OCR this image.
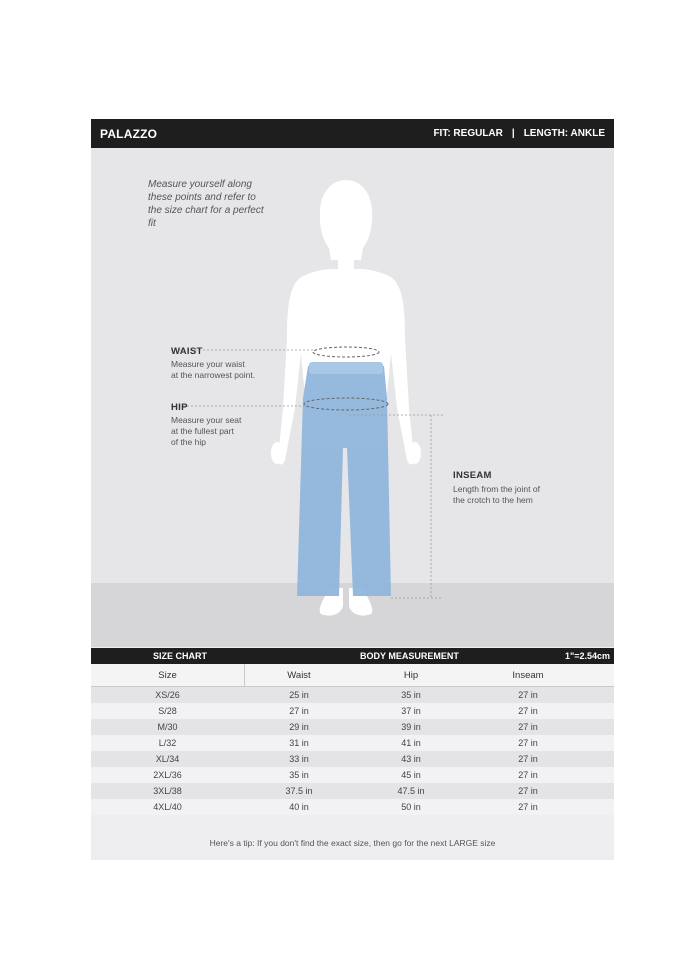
PALAZZO	FIT: REGULAR | LENGTH: ANKLE
Measure yourself along these points and refer to the size chart for a perfect fit
WAIST
Measure your waist
at the narrowest point.
HIP
Measure your seat
at the fullest part
of the hip
INSEAM
Length from the joint of
the crotch to the hem
SIZE CHART	BODY MEASUREMENT	1"=2.54cm
Size	Waist	Hip	Inseam
XS/26	25 in	35 in	27 in
S/28	27 in	37 in	27 in
M/30	29 in	39 in	27 in
L/32	31 in	41 in	27 in
XL/34	33 in	43 in	27 in
2XL/36	35 in	45 in	27 in
3XL/38	37.5 in	47.5 in	27 in
4XL/40	40 in	50 in	27 in
Here's a tip: If you don't find the exact size, then go for the next LARGE size
